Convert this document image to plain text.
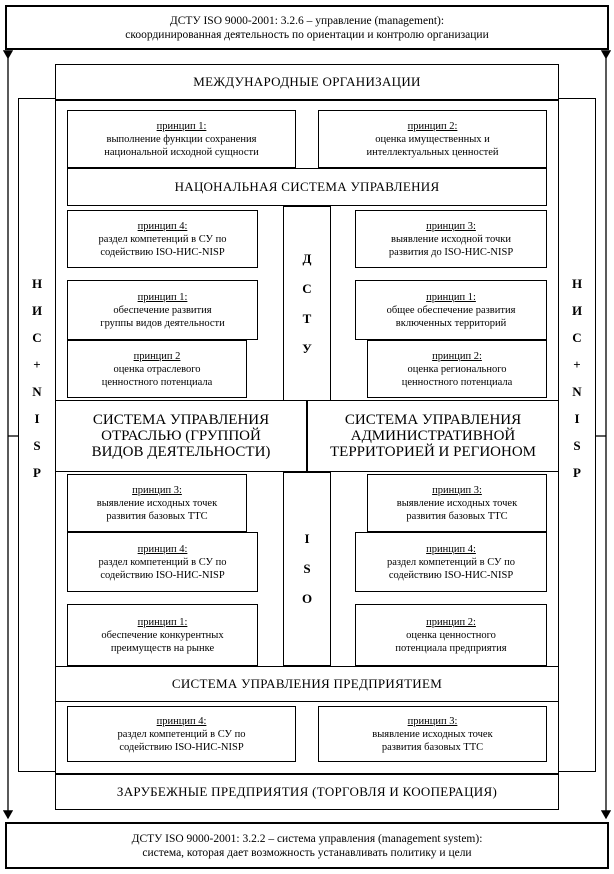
ДСТУ ISO 9000-2001: 3.2.6 – управление (management):
скоординированная деятельность по ориентации и контролю организации
Н
И
С
+
N
I
S
P
Н
И
С
+
N
I
S
P
МЕЖДУНАРОДНЫЕ ОРГАНИЗАЦИИ
принцип 1:
выполнение функции сохранения
национальной исходной сущности
принцип 2:
оценка имущественных и
интеллектуальных ценностей
НАЦОНАЛЬНАЯ СИСТЕМА УПРАВЛЕНИЯ
принцип 4:
раздел компетенций в СУ по
содействию ISO-НИС-NISP
принцип 3:
выявление исходной точки
развития до ISO-НИС-NISP
Д
С
Т
У
принцип 1:
обеспечение развития
группы видов деятельности
принцип 2
оценка отраслевого
ценностного потенциала
принцип 1:
общее обеспечение развития
включенных территорий
принцип 2:
оценка регионального
ценностного потенциала
СИСТЕМА УПРАВЛЕНИЯ
ОТРАСЛЬЮ (ГРУППОЙ
ВИДОВ ДЕЯТЕЛЬНОСТИ)
СИСТЕМА УПРАВЛЕНИЯ
АДМИНИСТРАТИВНОЙ
ТЕРРИТОРИЕЙ И РЕГИОНОМ
принцип 3:
выявление исходных точек
развития базовых ТТС
принцип 4:
раздел компетенций в СУ по
содействию ISO-НИС-NISP
принцип 3:
выявление исходных точек
развития базовых ТТС
принцип 4:
раздел компетенций в СУ по
содействию ISO-НИС-NISP
I
S
O
принцип 1:
обеспечение конкурентных
преимуществ на рынке
принцип 2:
оценка ценностного
потенциала предприятия
СИСТЕМА УПРАВЛЕНИЯ ПРЕДПРИЯТИЕМ
принцип 4:
раздел компетенций в СУ по
содействию ISO-НИС-NISP
принцип 3:
выявление исходных точек
развития базовых ТТС
ЗАРУБЕЖНЫЕ ПРЕДПРИЯТИЯ (ТОРГОВЛЯ И КООПЕРАЦИЯ)
ДСТУ ISO 9000-2001: 3.2.2 – система управления (management system):
система, которая дает возможность устанавливать политику и цели
